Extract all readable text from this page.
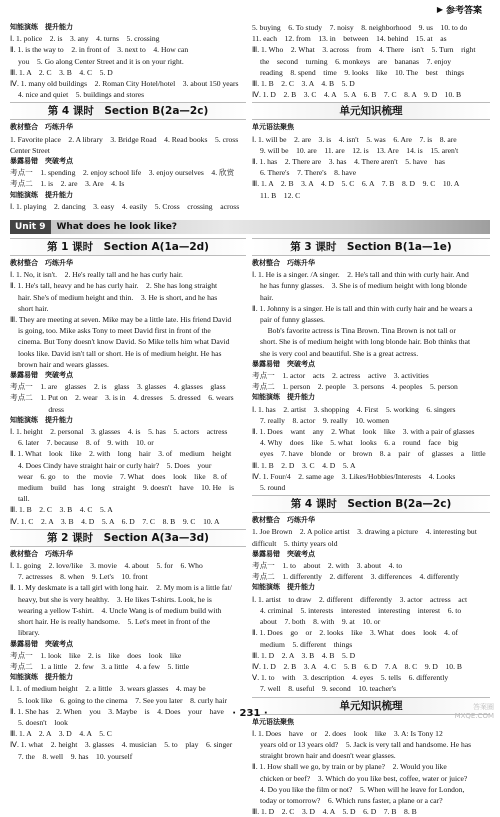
▶ 参考答案
知能演练　提升能力
Ⅰ. 1. police　2. is　3. any　4. turns　5. crossing
Ⅱ. 1. is the way to　2. in front of　3. next to　4. How can
you　5. Go along Center Street and it is on your right.
Ⅲ. 1. A　2. C　3. B　4. C　5. D
Ⅳ. 1. many old buildings　2. Roman City Hotel/hotel　3. about 150 years
4. nice and quiet　5. buildings and stores
第 4 课时　Section B(2a—2c)
教材整合　巧练升华
1. Favorite place　2. A library　3. Bridge Road　4. Read books　5. cross
Center Street
暴露易错　突破考点
考点一　1. spending　2. enjoy school life　3. enjoy ourselves　4. 欣赏
考点二　1. is　2. are　3. Are　4. Is
知能演练　提升能力
Ⅰ. 1. playing　2. dancing　3. easy　4. easily　5. Cross　crossing　across
5. buying　6. To study　7. noisy　8. neighborhood　9. us　10. to do
11. each　12. from　13. in　between　14. behind　15. at　as
Ⅲ. 1. Who　2. What　3. across　from　4. There　isn't　5. Turn　right
the　second　turning　6. monkeys　are　bananas　7. enjoy
reading　8. spend　time　9. looks　like　10. The　best　things
Ⅲ. 1. B　2. C　3. A　4. B　5. D
Ⅳ. 1. D　2. B　3. C　4. A　5. A　6. B　7. C　8. A　9. D　10. B
单元知识梳理
单元语法聚焦
Ⅰ. 1. will be　2. are　3. is　4. isn't　5. was　6. Are　7. is　8. are
9. will be　10. are　11. are　12. is　13. Are　14. is　15. aren't
Ⅱ. 1. has　2. There are　3. has　4. There aren't　5. have　has
6. There's　7. There's　8. have
Ⅲ. 1. A　2. B　3. A　4. D　5. C　6. A　7. B　8. D　9. C　10. A
11. B　12. C
Unit 9	What does he look like?
第 1 课时　Section A(1a—2d)
教材整合　巧练升华
Ⅰ. 1. No, it isn't.　2. He's really tall and he has curly hair.
Ⅱ. 1. He's tall, heavy and he has curly hair.　2. She has long straight
hair. She's of medium height and thin.　3. He is short, and he has
short hair.
Ⅲ. They are meeting at seven. Mike may be a little late. His friend David
is going, too. Mike asks Tony to meet David first in front of the
cinema. But Tony doesn't know David. So Mike tells him what David
looks like. David isn't tall or short. He is of medium height. He has
brown hair and wears glasses.
暴露易错　突破考点
考点一　1. are　glasses　2. is　glass　3. glasses　4. glasses　glass
考点二　1. Put on　2. wear　3. is in　4. dresses　5. dressed　6. wears
　　　　dress
知能演练　提升能力
Ⅰ. 1. height　2. personal　3. glasses　4. is　5. has　5. actors　actress
6. later　7. because　8. of　9. with　10. or
Ⅱ. 1. What　look　like　2. with　long　hair　3. of　medium　height
4. Does Cindy have straight hair or curly hair?　5. Does　your
wear　6. go　to　the　movie　7. What　does　look　like　8. of
medium　build　has　long　straight　9. doesn't　have　10. He　is
tall.
Ⅲ. 1. B　2. C　3. B　4. C　5. A
Ⅳ. 1. C　2. A　3. B　4. D　5. A　6. D　7. C　8. B　9. C　10. A
第 2 课时　Section A(3a—3d)
教材整合　巧练升华
Ⅰ. 1. going　2. love/like　3. movie　4. about　5. for　6. Who
7. actresses　8. when　9. Let's　10. front
Ⅱ. 1. My deskmate is a tall girl with long hair.　2. My mom is a little fat/
heavy, but she is very healthy.　3. He likes T-shirts. Look, he is
wearing a yellow T-shirt.　4. Uncle Wang is of medium build with
short hair. He is really handsome.　5. Let's meet in front of the
library.
暴露易错　突破考点
考点一　1. look　like　2. is　like　does　look　like
考点二　1. a little　2. few　3. a little　4. a few　5. little
知能演练　提升能力
Ⅰ. 1. of medium height　2. a little　3. wears glasses　4. may be
5. look like　6. going to the cinema　7. See you later　8. curly hair
Ⅱ. 1. She has　2. When　you　3. Maybe　is　4. Does　your　have
5. doesn't　look
Ⅲ. 1. A　2. A　3. D　4. A　5. C
Ⅳ. 1. what　2. height　3. glasses　4. musician　5. to　play　6. singer
7. the　8. well　9. has　10. yourself
第 3 课时　Section B(1a—1e)
教材整合　巧练升华
Ⅰ. 1. He is a singer. /A singer.　2. He's tall and thin with curly hair. And
he has funny glasses.　3. She is of medium height with long blonde
hair.
Ⅱ. 1. Johnny is a singer. He is tall and thin with curly hair and he wears a
pair of funny glasses.
　Bob's favorite actress is Tina Brown. Tina Brown is not tall or
short. She is of medium height with long blonde hair. Bob thinks that
she is very cool and beautiful. She is a great actress.
暴露易错　突破考点
考点一　1. actor　acts　2. actress　active　3. activities
考点二　1. person　2. people　3. persons　4. peoples　5. person
知能演练　提升能力
Ⅰ. 1. has　2. artist　3. shopping　4. First　5. working　6. singers
7. really　8. actor　9. really　10. women
Ⅱ. 1. Does　want　any　2. What　look　like　3. with a pair of glasses
4. Why　does　like　5. what　looks　6. a　round　face　big
eyes　7. have　blonde　or　brown　8. a　pair　of　glasses　a　little
Ⅲ. 1. B　2. D　3. C　4. D　5. A
Ⅳ. 1. Four/4　2. same age　3. Likes/Hobbies/Interests　4. Looks
5. round
第 4 课时　Section B(2a—2c)
教材整合　巧练升华
1. Joe Brown　2. A police artist　3. drawing a picture　4. interesting but
difficult　5. thirty years old
暴露易错　突破考点
考点一　1. to　about　2. with　3. about　4. to
考点二　1. differently　2. different　3. differences　4. differently
知能演练　提升能力
Ⅰ. 1. artist　to draw　2. different　differently　3. actor　actress　act
4. criminal　5. interests　interested　interesting　interest　6. to
about　7. both　8. with　9. at　10. or
Ⅱ. 1. Does　go　or　2. looks　like　3. What　does　look　4. of
medium　5. different　things
Ⅲ. 1. D　2. A　3. B　4. B　5. D
Ⅳ. 1. D　2. B　3. A　4. C　5. B　6. D　7. A　8. C　9. D　10. B
Ⅴ. 1. to　with　3. description　4. eyes　5. tells　6. differently
7. well　8. useful　9. second　10. teacher's
单元知识梳理
单元语法聚焦
Ⅰ. 1. Does　have　or　2. does　look　like　3. A: Is Tony 12
years old or 13 years old?　5. Jack is very tall and handsome. He has
straight brown hair and doesn't wear glasses.
Ⅱ. 1. How shall we go, by train or by plane?　2. Would you like
chicken or beef?　3. Which do you like best, coffee, water or juice?
4. Do you like the film or not?　5. When will he leave for London,
today or tomorrow?　6. Which runs faster, a plane or a car?
Ⅲ. 1. D　2. C　3. D　4. A　5. D　6. D　7. B　8. B
· 231 ·
答案圈
MXQE.COM
